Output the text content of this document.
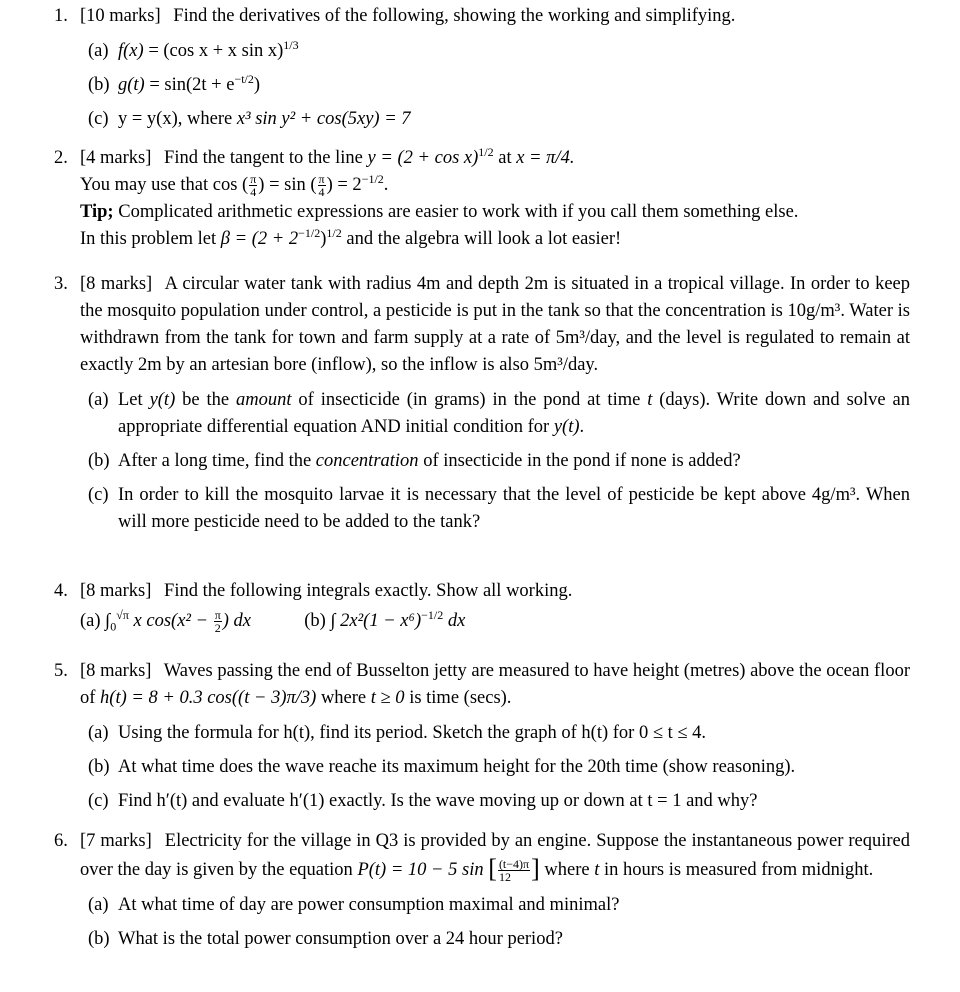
1. [10 marks] Find the derivatives of the following, showing the working and simplifying.
(a) f(x) = (cos x + x sin x)$^{1/3}$
(b) $g(t) = \sin(2t + e^{-t/2})$
(c) y = y(x), where x³ sin y² + cos(5xy) = 7
2. [4 marks] Find the tangent to the line $y = (2 + \cos x)^{1/2}$ at x = π/4.
You may use that cos ( $\frac{\pi}{4}$ ) = sin ( $\frac{\pi}{4}$ ) = $2^{-1/2}$.
Tip; Complicated arithmetic expressions are easier to work with if you call them something else.
In this problem let $\beta = (2 + 2^{-1/2})^{1/2}$ and the algebra will look a lot easier!
3. [8 marks] A circular water tank with radius 4m and depth 2m is situated in a tropical village. In order to keep the mosquito population under control, a pesticide is put in the tank so that the concentration is 10g/m³. Water is withdrawn from the tank for town and farm supply at a rate of 5m³/day, and the level is regulated to remain at exactly 2m by an artesian bore (inflow), so the inflow is also 5m³/day.
(a) Let y(t) be the amount of insecticide (in grams) in the pond at time t (days). Write down and solve an appropriate differential equation AND initial condition for y(t).
(b) After a long time, find the concentration of insecticide in the pond if none is added?
(c) In order to kill the mosquito larvae it is necessary that the level of pesticide be kept above 4g/m³. When will more pesticide need to be added to the tank?
4. [8 marks] Find the following integrals exactly. Show all working.
(a) $\int_0^{√\pi}$ x $\cos(x^2 - \frac{\pi}{2}$ ) dx	(b) ∫ $2x^2(1 - x^6)^{-1/2}$ dx
5. [8 marks] Waves passing the end of Busselton jetty are measured to have height (metres) above the ocean floor of h(t) = 8 + 0.3 cos((t − 3)π/3) where t ≥ 0 is time (secs).
(a) Using the formula for h(t), find its period. Sketch the graph of h(t) for 0 ≤ t ≤ 4.
(b) At what time does the wave reache its maximum height for the 20th time (show reasoning).
(c) Find h′(t) and evaluate h′(1) exactly. Is the wave moving up or down at t = 1 and why?
6. [7 marks] Electricity for the village in Q3 is provided by an engine. Suppose the instantaneous power required over the day is given by the equation P(t) = 10 − 5 sin [ $\frac{(t-4)\pi}{12}$ ] where t in hours is measured from midnight.
(a) At what time of day are power consumption maximal and minimal?
(b) What is the total power consumption over a 24 hour period?
